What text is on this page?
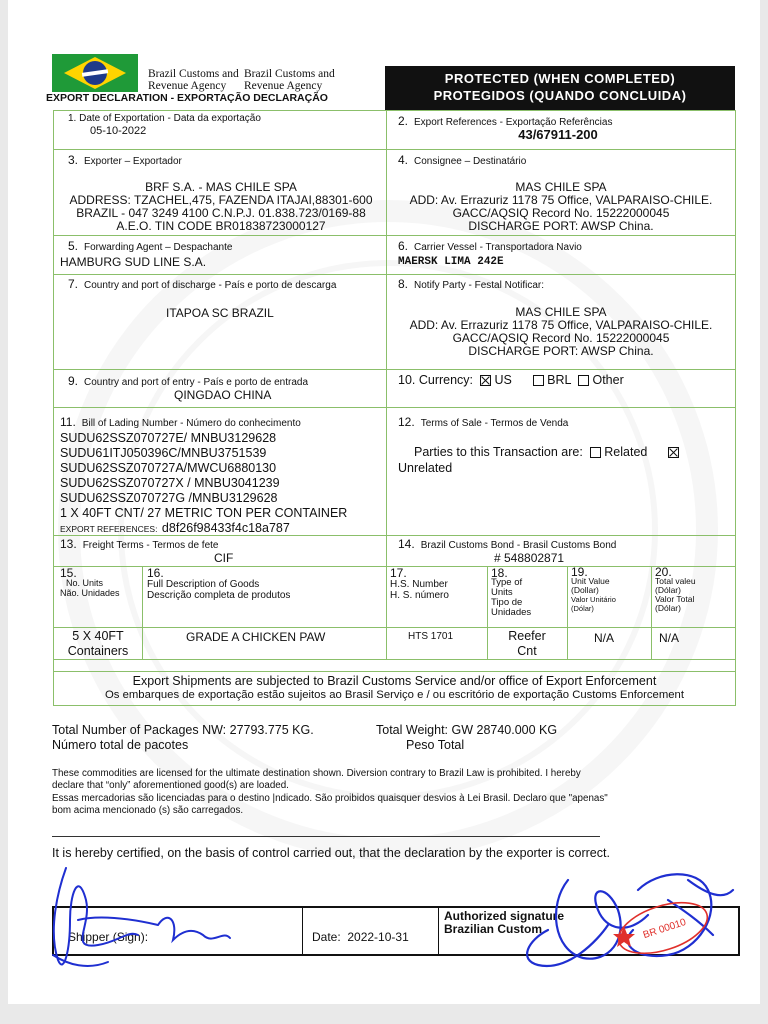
Brazil Customs and Revenue Agency
Brazil Customs and Revenue Agency
EXPORT DECLARATION - EXPORTAÇÃO DECLARAÇÃO
PROTECTED (WHEN COMPLETED)
PROTEGIDOS (QUANDO CONCLUIDA)
1. Date of Exportation - Data da exportação
05-10-2022
2. Export References - Exportação Referências
43/67911-200
3. Exporter – Exportador
BRF S.A. - MAS CHILE SPA
ADDRESS: TZACHEL,475, FAZENDA ITAJAI,88301-600
BRAZIL - 047 3249 4100 C.N.P.J. 01.838.723/0169-88
A.E.O. TIN CODE BR01838723000127
4. Consignee – Destinatário
MAS CHILE SPA
ADD: Av. Errazuriz 1178 75 Office, VALPARAISO-CHILE.
GACC/AQSIQ Record No. 15222000045
DISCHARGE PORT: AWSP China.
5. Forwarding Agent – Despachante
HAMBURG SUD LINE S.A.
6. Carrier Vessel - Transportadora Navio
MAERSK LIMA 242E
7. Country and port of discharge - País e porto de descarga
ITAPOA SC BRAZIL
8. Notify Party - Festal Notificar:
MAS CHILE SPA
ADD: Av. Errazuriz 1178 75 Office, VALPARAISO-CHILE.
GACC/AQSIQ Record No. 15222000045
DISCHARGE PORT: AWSP China.
9. Country and port of entry - País e porto de entrada
QINGDAO CHINA
10. Currency: US	BRL Other
11. Bill of Lading Number - Número do conhecimento
SUDU62SSZ070727E/ MNBU3129628
SUDU61ITJ050396C/MNBU3751539
SUDU62SSZ070727A/MWCU6880130
SUDU62SSZ070727X / MNBU3041239
SUDU62SSZ070727G /MNBU3129628
1 X 40FT CNT/ 27 METRIC TON PER CONTAINER
EXPORT REFERENCES: d8f26f98433f4c18a787
12. Terms of Sale - Termos de Venda
Parties to this Transaction are: Related
Unrelated
13. Freight Terms - Termos de fete
CIF
14. Brazil Customs Bond - Brasil Customs Bond
# 548802871
15.
No. Units
Não. Unidades
16.
Full Description of Goods
Descrição completa de produtos
17.
H.S. Number
H. S. número
18.
Type of
Units
Tipo de
Unidades
19.
Unit Value
(Dollar)
Valor Unitário
(Dólar)
20.
Total valeu
(Dólar)
Valor Total
(Dólar)
5 X 40FT
Containers
GRADE A CHICKEN PAW	HTS 1701	Reefer
Cnt
N/A	N/A
Export Shipments are subjected to Brazil Customs Service and/or office of Export Enforcement
Os embarques de exportação estão sujeitos ao Brasil Serviço e / ou escritório de exportação Customs Enforcement
Total Number of Packages NW: 27793.775 KG.
Número total de pacotes
Total Weight: GW 28740.000 KG
Peso Total
These commodities are licensed for the ultimate destination shown. Diversion contrary to Brazil Law is prohibited. I hereby
declare that “only” aforementioned good(s) are loaded.
Essas mercadorias são licenciadas para o destino |ndicado. São proibidos quaisquer desvios à Lei Brasil. Declaro que "apenas"
bom acima mencionado (s) são carregados.
It is hereby certified, on the basis of control carried out, that the declaration by the exporter is correct.
Shipper (Sign):	Date: 2022-10-31
Authorized signature
Brazilian Custom	BR 00010
